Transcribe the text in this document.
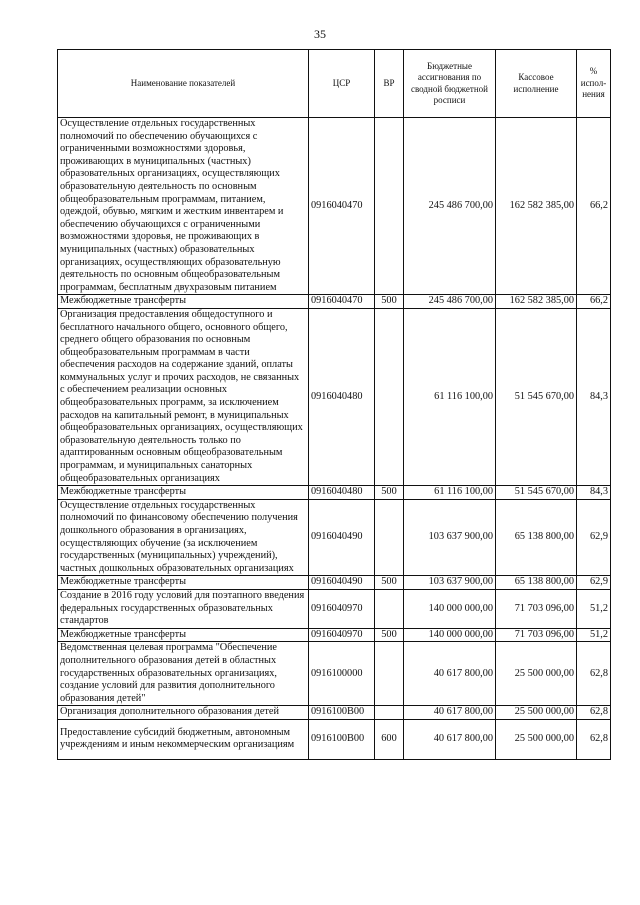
35
Наименование показателей	ЦСР	ВР	Бюджетные ассигнования по сводной бюджетной росписи	Кассовое исполнение	% испол-нения
Осуществление отдельных государственных полномочий по обеспечению обучающихся с ограниченными возможностями здоровья, проживающих в муниципальных (частных) образовательных организациях, осуществляющих образовательную деятельность по основным общеобразовательным программам, питанием, одеждой, обувью, мягким и жестким инвентарем и обеспечению обучающихся с ограниченными возможностями здоровья, не проживающих в муниципальных (частных) образовательных организациях, осуществляющих образовательную деятельность по основным общеобразовательным программам, бесплатным двухразовым питанием	0916040470		245 486 700,00	162 582 385,00	66,2
Межбюджетные трансферты	0916040470	500	245 486 700,00	162 582 385,00	66,2
Организация предоставления общедоступного и бесплатного начального общего, основного общего, среднего общего образования по основным общеобразовательным программам в части обеспечения расходов на содержание зданий, оплаты коммунальных услуг и прочих расходов, не связанных с обеспечением реализации основных общеобразовательных программ, за исключением расходов на капитальный ремонт, в муниципальных общеобразовательных организациях, осуществляющих образовательную деятельность только по адаптированным основным общеобразовательным программам, и муниципальных санаторных общеобразовательных организациях	0916040480		61 116 100,00	51 545 670,00	84,3
Межбюджетные трансферты	0916040480	500	61 116 100,00	51 545 670,00	84,3
Осуществление отдельных государственных полномочий по финансовому обеспечению получения дошкольного образования в организациях, осуществляющих обучение (за исключением государственных (муниципальных) учреждений), частных дошкольных образовательных организациях	0916040490		103 637 900,00	65 138 800,00	62,9
Межбюджетные трансферты	0916040490	500	103 637 900,00	65 138 800,00	62,9
Создание в 2016 году условий для поэтапного введения федеральных государственных образовательных стандартов	0916040970		140 000 000,00	71 703 096,00	51,2
Межбюджетные трансферты	0916040970	500	140 000 000,00	71 703 096,00	51,2
Ведомственная целевая программа "Обеспечение дополнительного образования детей в областных государственных образовательных организациях, создание условий для развития дополнительного образования детей"	0916100000		40 617 800,00	25 500 000,00	62,8
Организация дополнительного образования детей	0916100В00		40 617 800,00	25 500 000,00	62,8
Предоставление субсидий бюджетным, автономным учреждениям и иным некоммерческим организациям	0916100В00	600	40 617 800,00	25 500 000,00	62,8
